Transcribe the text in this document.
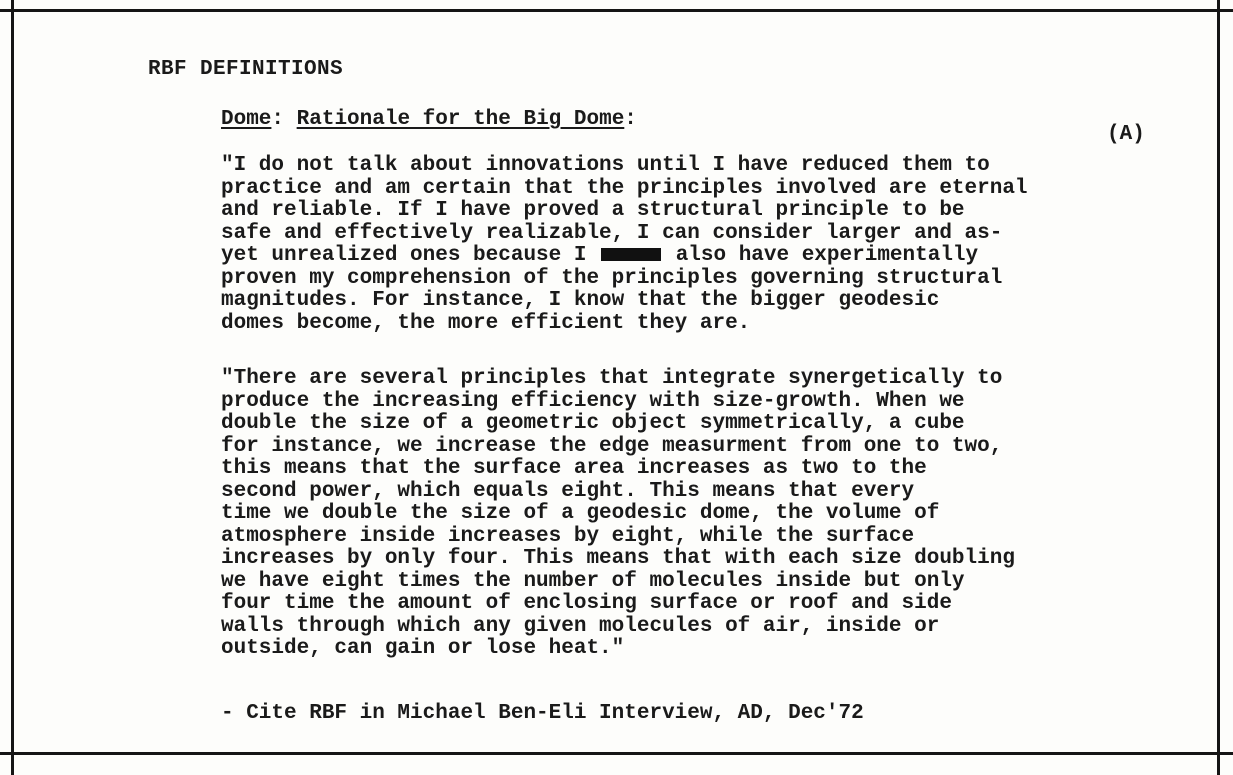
RBF DEFINITIONS
Dome: Rationale for the Big Dome:
(A)
"I do not talk about innovations until I have reduced them to
practice and am certain that the principles involved are eternal
and reliable. If I have proved a structural principle to be
safe and effectively realizable, I can consider larger and as-
yet unrealized ones because I	also have experimentally
proven my comprehension of the principles governing structural
magnitudes. For instance, I know that the bigger geodesic
domes become, the more efficient they are.
"There are several principles that integrate synergetically to
produce the increasing efficiency with size-growth. When we
double the size of a geometric object symmetrically, a cube
for instance, we increase the edge measurment from one to two,
this means that the surface area increases as two to the
second power, which equals eight. This means that every
time we double the size of a geodesic dome, the volume of
atmosphere inside increases by eight, while the surface
increases by only four. This means that with each size doubling
we have eight times the number of molecules inside but only
four time the amount of enclosing surface or roof and side
walls through which any given molecules of air, inside or
outside, can gain or lose heat."
- Cite RBF in Michael Ben-Eli Interview, AD, Dec'72
